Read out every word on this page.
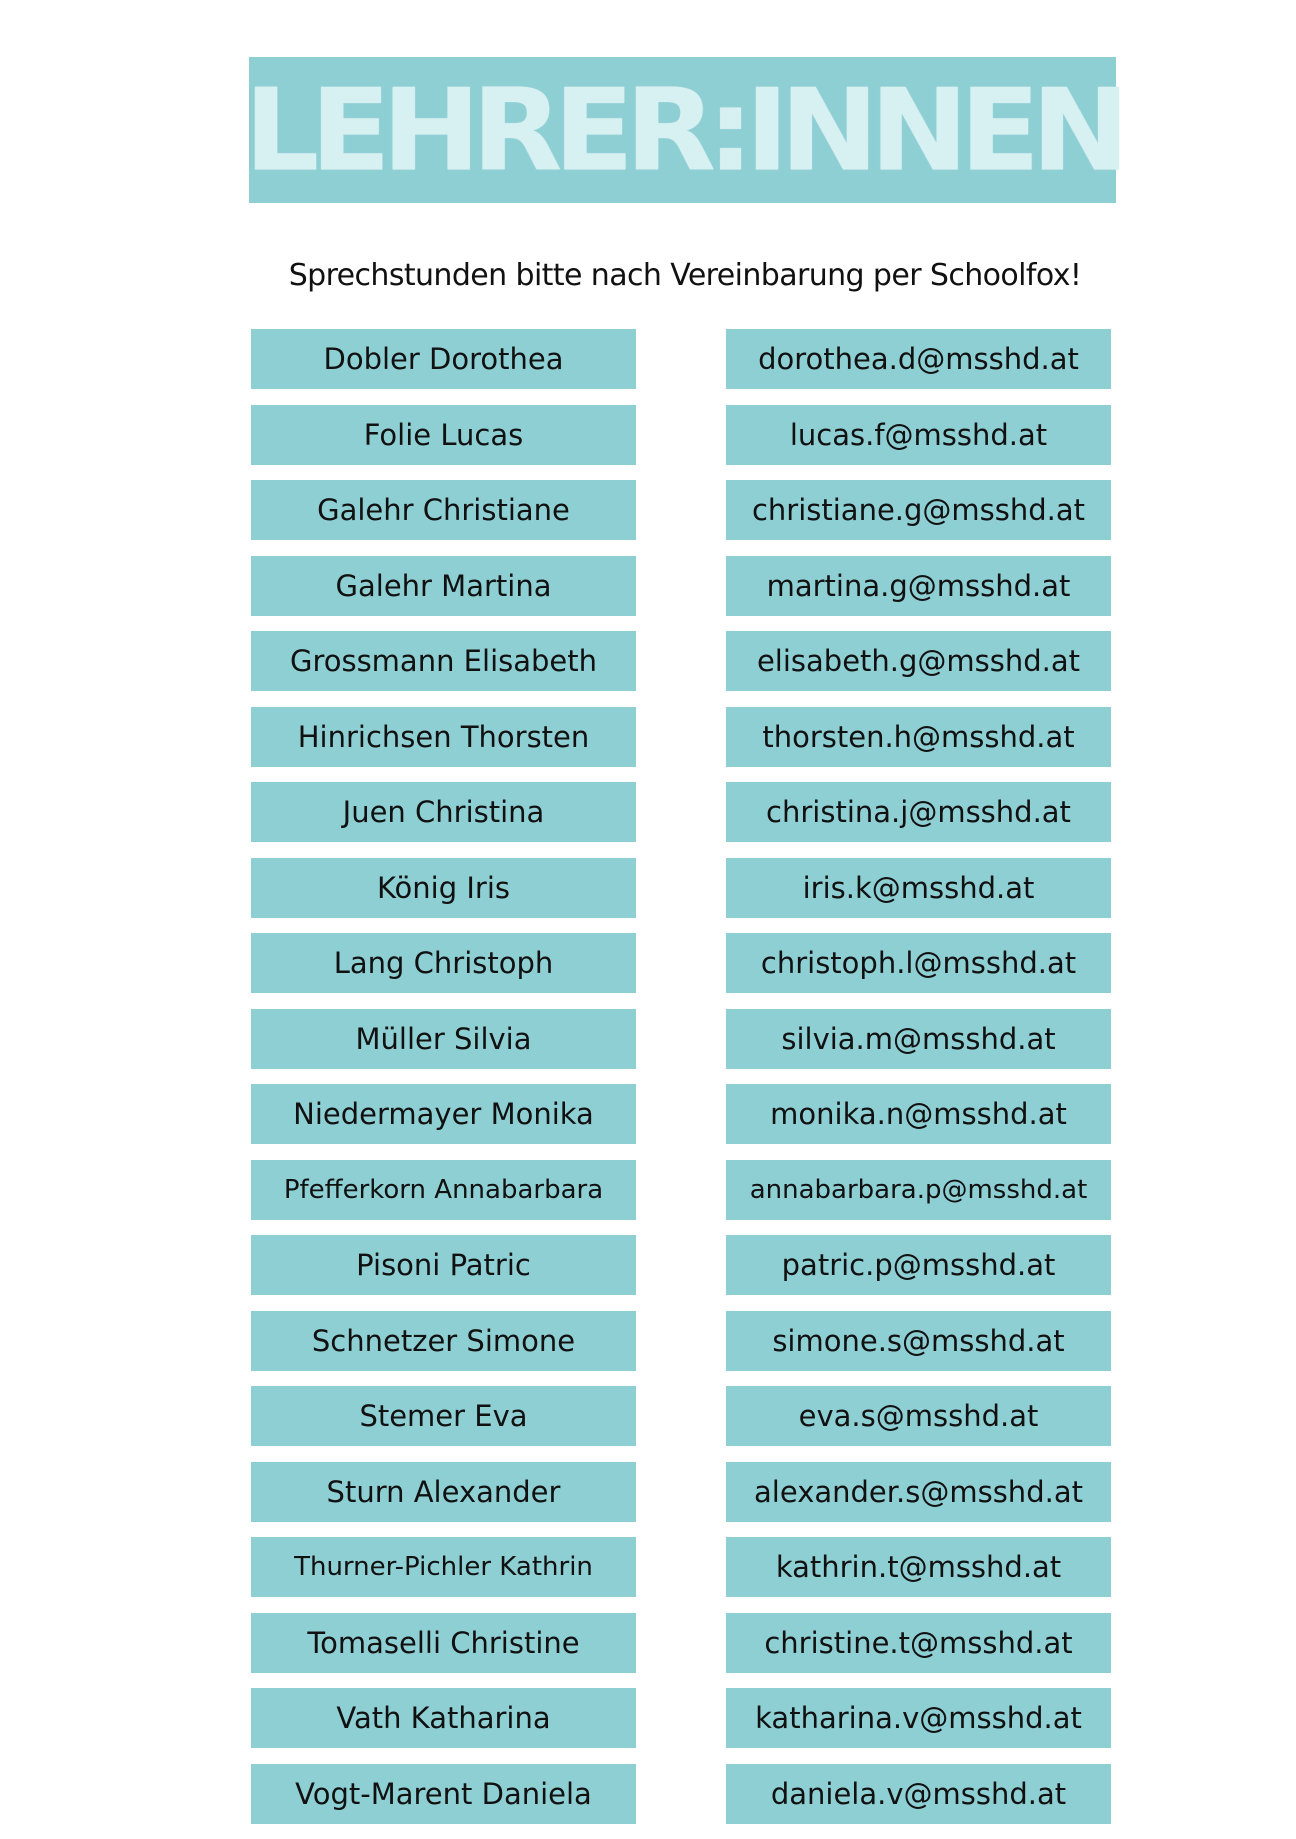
LEHRER:INNEN
Sprechstunden bitte nach Vereinbarung per Schoolfox!
Dobler Dorothea	dorothea.d@msshd.at
Folie Lucas	lucas.f@msshd.at
Galehr Christiane	christiane.g@msshd.at
Galehr Martina	martina.g@msshd.at
Grossmann Elisabeth	elisabeth.g@msshd.at
Hinrichsen Thorsten	thorsten.h@msshd.at
Juen Christina	christina.j@msshd.at
König Iris	iris.k@msshd.at
Lang Christoph	christoph.l@msshd.at
Müller Silvia	silvia.m@msshd.at
Niedermayer Monika	monika.n@msshd.at
Pfefferkorn Annabarbara	annabarbara.p@msshd.at
Pisoni Patric	patric.p@msshd.at
Schnetzer Simone	simone.s@msshd.at
Stemer Eva	eva.s@msshd.at
Sturn Alexander	alexander.s@msshd.at
Thurner-Pichler Kathrin	kathrin.t@msshd.at
Tomaselli Christine	christine.t@msshd.at
Vath Katharina	katharina.v@msshd.at
Vogt-Marent Daniela	daniela.v@msshd.at
